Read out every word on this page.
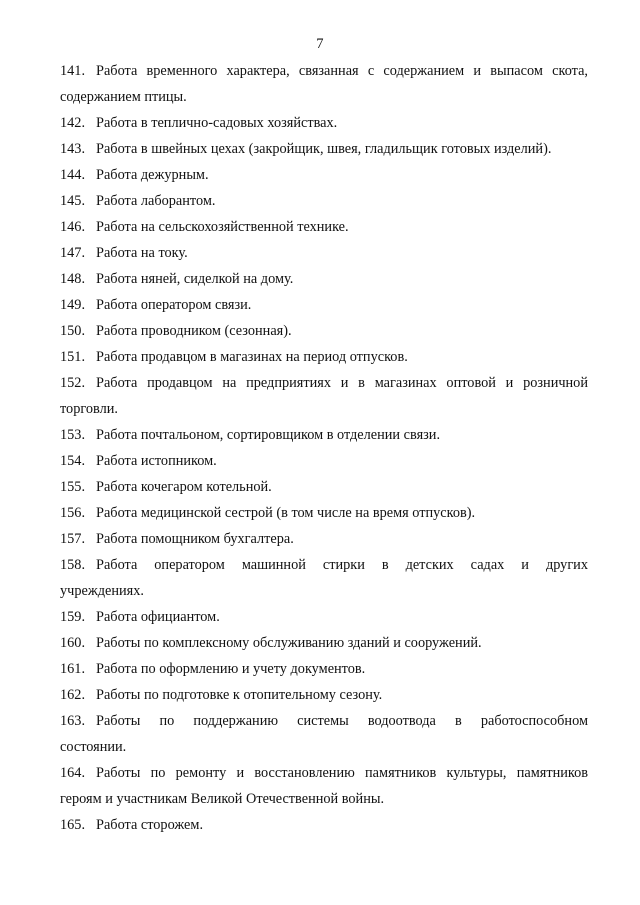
7
141. Работа временного характера, связанная с содержанием и выпасом скота,
содержанием птицы.
142. Работа в теплично-садовых хозяйствах.
143. Работа в швейных цехах (закройщик, швея, гладильщик готовых изделий).
144. Работа дежурным.
145. Работа лаборантом.
146. Работа на сельскохозяйственной технике.
147. Работа на току.
148. Работа няней, сиделкой на дому.
149. Работа оператором связи.
150. Работа проводником (сезонная).
151. Работа продавцом в магазинах на период отпусков.
152. Работа продавцом на предприятиях и в магазинах оптовой и розничной
торговли.
153. Работа почтальоном, сортировщиком в отделении связи.
154. Работа истопником.
155. Работа кочегаром котельной.
156. Работа медицинской сестрой (в том числе на время отпусков).
157. Работа помощником бухгалтера.
158. Работа оператором машинной стирки в детских садах и других
учреждениях.
159. Работа официантом.
160. Работы по комплексному обслуживанию зданий и сооружений.
161. Работа по оформлению и учету документов.
162. Работы по подготовке к отопительному сезону.
163. Работы по поддержанию системы водоотвода в работоспособном
состоянии.
164. Работы по ремонту и восстановлению памятников культуры, памятников
героям и участникам Великой Отечественной войны.
165. Работа сторожем.
